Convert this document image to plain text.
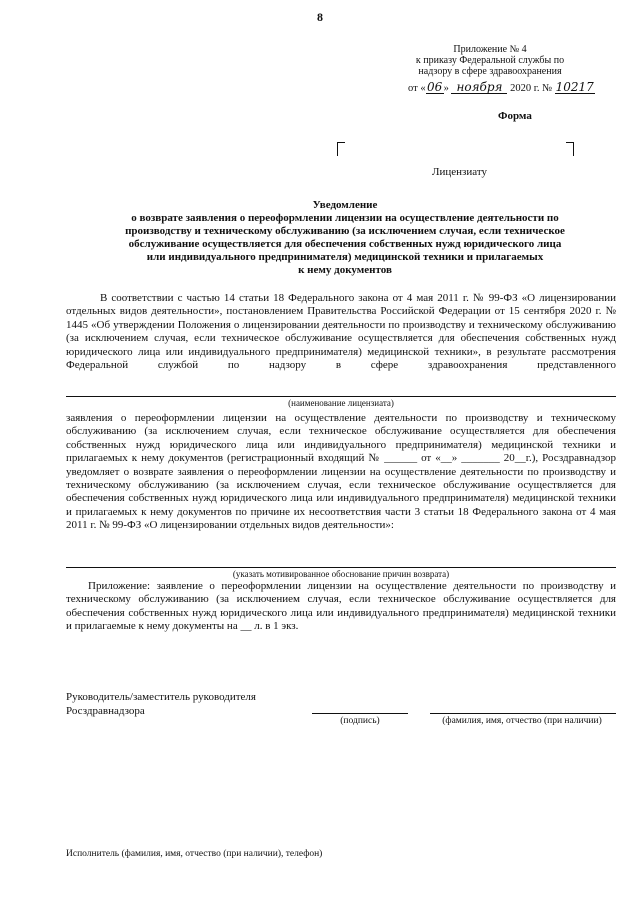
8
Приложение № 4
к приказу Федеральной службы по
надзору в сфере здравоохранения
от «06» ноября 2020 г. № 10217
Форма
Лицензиату
Уведомление
о возврате заявления о переоформлении лицензии на осуществление деятельности по
производству и техническому обслуживанию (за исключением случая, если техническое
обслуживание осуществляется для обеспечения собственных нужд юридического лица
или индивидуального предпринимателя) медицинской техники и прилагаемых
к нему документов
В соответствии с частью 14 статьи 18 Федерального закона от 4 мая 2011 г. № 99-ФЗ «О лицензировании отдельных видов деятельности», постановлением Правительства Российской Федерации от 15 сентября 2020 г. № 1445 «Об утверждении Положения о лицензировании деятельности по производству и техническому обслуживанию (за исключением случая, если техническое обслуживание осуществляется для обеспечения собственных нужд юридического лица или индивидуального предпринимателя) медицинской техники», в результате рассмотрения Федеральной службой по надзору в сфере здравоохранения представленного
(наименование лицензиата)
заявления о переоформлении лицензии на осуществление деятельности по производству и техническому обслуживанию (за исключением случая, если техническое обслуживание осуществляется для обеспечения собственных нужд юридического лица или индивидуального предпринимателя) медицинской техники и прилагаемых к нему документов (регистрационный входящий № ______ от «__» _______ 20__г.), Росздравнадзор уведомляет о возврате заявления о переоформлении лицензии на осуществление деятельности по производству и техническому обслуживанию (за исключением случая, если техническое обслуживание осуществляется для обеспечения собственных нужд юридического лица или индивидуального предпринимателя) медицинской техники и прилагаемых к нему документов по причине их несоответствия части 3 статьи 18 Федерального закона от 4 мая 2011 г. № 99-ФЗ «О лицензировании отдельных видов деятельности»:
(указать мотивированное обоснование причин возврата)
Приложение: заявление о переоформлении лицензии на осуществление деятельности по производству и техническому обслуживанию (за исключением случая, если техническое обслуживание осуществляется для обеспечения собственных нужд юридического лица или индивидуального предпринимателя) медицинской техники и прилагаемые к нему документы на __ л. в 1 экз.
Руководитель/заместитель руководителя
Росздравнадзора
(подпись)	(фамилия, имя, отчество (при наличии)
Исполнитель (фамилия, имя, отчество (при наличии), телефон)
